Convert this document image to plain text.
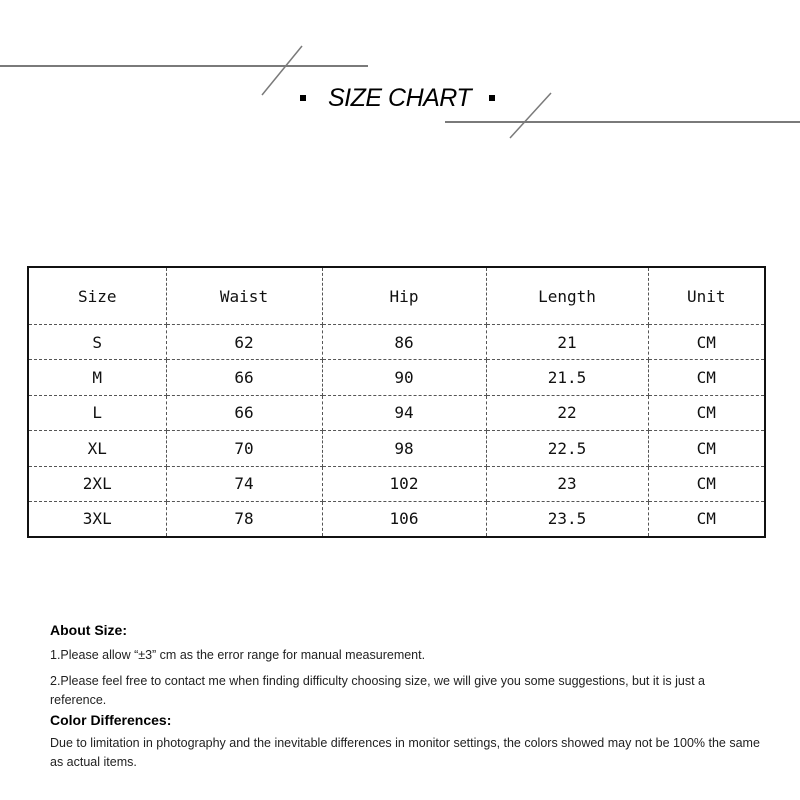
SIZE CHART
Size	Waist	Hip	Length	Unit
S	62	86	21	CM
M	66	90	21.5	CM
L	66	94	22	CM
XL	70	98	22.5	CM
2XL	74	102	23	CM
3XL	78	106	23.5	CM

About Size:

1.Please allow “±3” cm as the error range for manual measurement.

2.Please feel free to contact me when finding difficulty choosing size, we will give you some suggestions, but it is just a reference.

Color Differences:

Due to limitation in photography and the inevitable differences in monitor settings, the colors showed may not be 100% the same as actual items.
